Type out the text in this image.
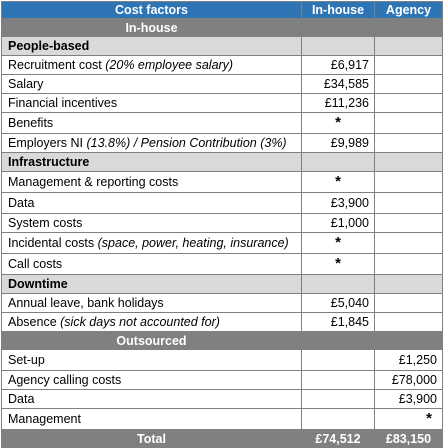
Cost factors	In-house	Agency
In-house		
People-based		
Recruitment cost (20% employee salary)	£6,917	
Salary	£34,585	
Financial incentives	£11,236	
Benefits	*	
Employers NI (13.8%) / Pension Contribution (3%)	£9,989	
Infrastructure		
Management & reporting costs	*	
Data	£3,900	
System costs	£1,000	
Incidental costs (space, power, heating, insurance)	*	
Call costs	*	
Downtime		
Annual leave, bank holidays	£5,040	
Absence (sick days not accounted for)	£1,845	
Outsourced		
Set-up		£1,250
Agency calling costs		£78,000
Data		£3,900
Management		*
Total	£74,512	£83,150
